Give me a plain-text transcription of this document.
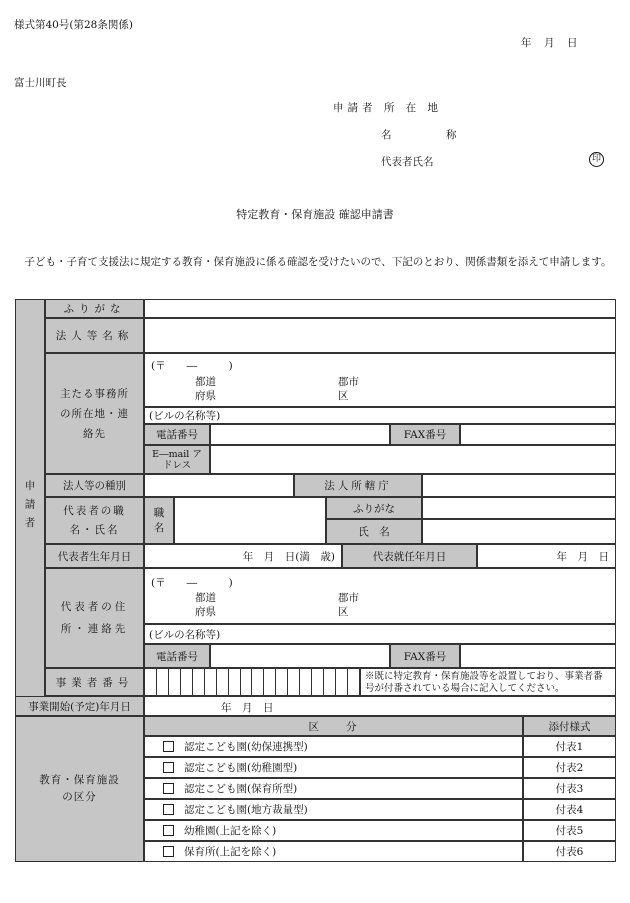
様式第40号(第28条関係)
年　月　日
富士川町長
申請者 所 在 地
名　称
代表者氏名	印
特定教育・保育施設 確認申請書
子ども・子育て支援法に規定する教育・保育施設に係る確認を受けたいので、下記のとおり、関係書類を添えて申請します。
申請者
ふりがな
法人等名称
主たる事務所の所在地・連絡先
(〒　　―　　　)
都道
府県
郡市
区
(ビルの名称等)
電話番号	FAX番号
E―mail アドレス
法人等の種別	法人所轄庁
代表者の職名・氏名
職名
ふりがな
氏　名
代表者生年月日	年　月　日(満　歳)	代表就任年月日	年　月　日
代表者の住所・連絡先
(〒　　―　　　)
都道
府県
郡市
区
(ビルの名称等)
電話番号	FAX番号
事業者番号	※既に特定教育・保育施設等を設置しており、事業者番号が付番されている場合に記入してください。
事業開始(予定)年月日	年　月　日
教育・保育施設の区分
区　　分	添付様式
認定こども園(幼保連携型)	付表1
認定こども園(幼稚園型)	付表2
認定こども園(保育所型)	付表3
認定こども園(地方裁量型)	付表4
幼稚園(上記を除く)	付表5
保育所(上記を除く)	付表6
